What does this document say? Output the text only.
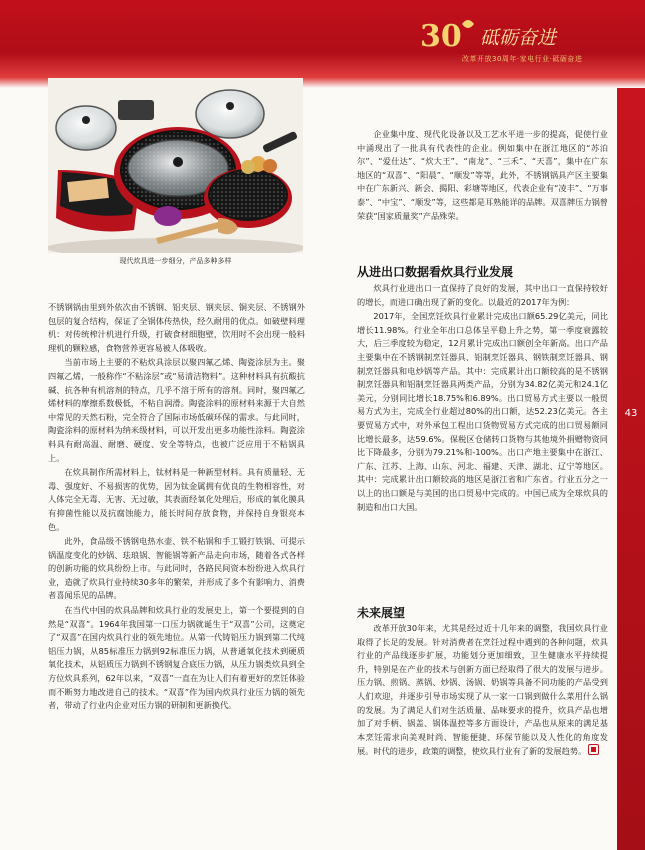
30 砥砺奋进
改革开放30周年·家电行业·砥砺奋进
43
现代炊具进一步细分，产品多种多样

不锈钢锅由里到外依次由不锈钢、铝夹层、钢夹层、铜夹层、不锈钢外包层的复合结构，保证了全锅体传热快，经久耐用的优点。如破壁料理机：对传统榨汁机进行升级，打破食材细胞壁，饮用时不会出现一般料理机的颗粒感，食物营养更容易被人体吸收。

当前市场上主要的不粘炊具涂层以聚四氟乙烯、陶瓷涂层为主。聚四氟乙烯，一般称作“不粘涂层”或“易清洁物料”。这种材料具有抗酸抗碱、抗各种有机溶剂的特点，几乎不溶于所有的溶剂。同时，聚四氟乙烯材料的摩擦系数极低，不粘自润滑。陶瓷涂料的原材料来源于大自然中常见的天然石粉，完全符合了国际市场低碳环保的需求。与此同时，陶瓷涂料的原材料为纳米级材料，可以开发出更多功能性涂料。陶瓷涂料具有耐高温、耐磨、硬度、安全等特点，也被广泛应用于不粘锅具上。

在炊具制作所需材料上，钛材料是一种新型材料。具有质量轻、无毒、强度好、不易损害的优势，因为钛金属拥有优良的生物相容性，对人体完全无毒、无害、无过敏，其表面经氧化处理后，形成的氧化膜具有抑菌性能以及抗腐蚀能力，能长时间存放食物，并保持自身银亮本色。

此外，食品级不锈钢电热水壶、铁不粘锅和手工锻打铁锅、可提示锅温度变化的炒锅、珐琅锅、智能锅等新产品走向市场，随着各式各样的创新功能的炊具纷纷上市。与此同时，各路民间资本纷纷进入炊具行业，造就了炊具行业持续30多年的繁荣，并形成了多个有影响力、消费者喜闻乐见的品牌。

在当代中国的炊具品牌和炊具行业的发展史上，第一个要提到的自然是“双喜”。1964年我国第一口压力锅就诞生于“双喜”公司，这奠定了“双喜”在国内炊具行业的领先地位。从第一代铸铝压力锅到第二代纯铝压力锅，从85标准压力锅到92标准压力锅，从普通氧化技术到硬质氧化技术，从铝质压力锅到不锈钢复合底压力锅，从压力锅类炊具到全方位炊具系列，62年以来，“双喜”一直在为让人们有着更好的烹饪体验而不断努力地改进自己的技术。“双喜”作为国内炊具行业压力锅的领先者，带动了行业内企业对压力锅的研制和更新换代。

企业集中度、现代化设备以及工艺水平进一步的提高，促使行业中涌现出了一批具有代表性的企业。例如集中在浙江地区的“苏泊尔”、“爱仕达”、“炊大王”、“南龙”、“三禾”、“天喜”，集中在广东地区的“双喜”、“阳晨”、“顺发”等等，此外，不锈钢锅具产区主要集中在广东新兴、新会、揭阳、彩塘等地区，代表企业有“凌丰”、“万事泰”、“中宝”、“顺发”等，这些都是耳熟能详的品牌。双喜牌压力锅曾荣获“国家质量奖”产品殊荣。

从进出口数据看炊具行业发展

炊具行业进出口一直保持了良好的发展，其中出口一直保持较好的增长，而进口确出现了新的变化。以最近的2017年为例：

2017年，全国烹饪炊具行业累计完成出口额65.29亿美元，同比增长11.98%。行业全年出口总体呈平稳上升之势，第一季度衰露较大，后三季度较为稳定，12月累计完成出口额创全年新高。出口产品主要集中在不锈钢制烹饪器具、铝制烹饪器具、钢铁制烹饪器具、钢制烹饪器具和电炒锅等产品。其中：完成累计出口额较高的是不锈钢制烹饪器具和铝制烹饪器具两类产品，分别为34.82亿美元和24.1亿美元，分别同比增长18.75%和6.89%。出口贸易方式主要以一般贸易方式为主，完成全行业超过80%的出口额，达52.23亿美元。各主要贸易方式中，对外承包工程出口货物贸易方式完成的出口贸易额同比增长最多，达59.6%。保税区仓储转口货物与其他境外捐赠物资同比下降最多，分别为79.21%和-100%。出口产地主要集中在浙江、广东、江苏、上海、山东、河北、福建、天津、湖北、辽宁等地区。其中：完成累计出口额较高的地区是浙江省和广东省。行业五分之一以上的出口额是与美国的出口贸易中完成的。中国已成为全球炊具的制造和出口大国。

未来展望

改革开放30年来，尤其是经过近十几年来的调整，我国炊具行业取得了长足的发展。针对消费者在烹饪过程中遇到的各种问题，炊具行业的产品线逐步扩展，功能划分更加细致，卫生健康水平持续提升，特别是在产业的技术与创新方面已经取得了很大的发展与进步。压力锅、煎锅、蒸锅、炒锅、汤锅、奶锅等具备不同功能的产品受到人们欢迎，并逐步引导市场实现了从一家一口锅到做什么菜用什么锅的发展。为了满足人们对生活质量、品味要求的提升，炊具产品也增加了对手柄、锅盖、锅体温控等多方面设计，产品也从原来的满足基本烹饪需求向美观时尚、智能便捷、环保节能以及人性化的角度发展。时代的进步，政策的调整，使炊具行业有了新的发展趋势。
